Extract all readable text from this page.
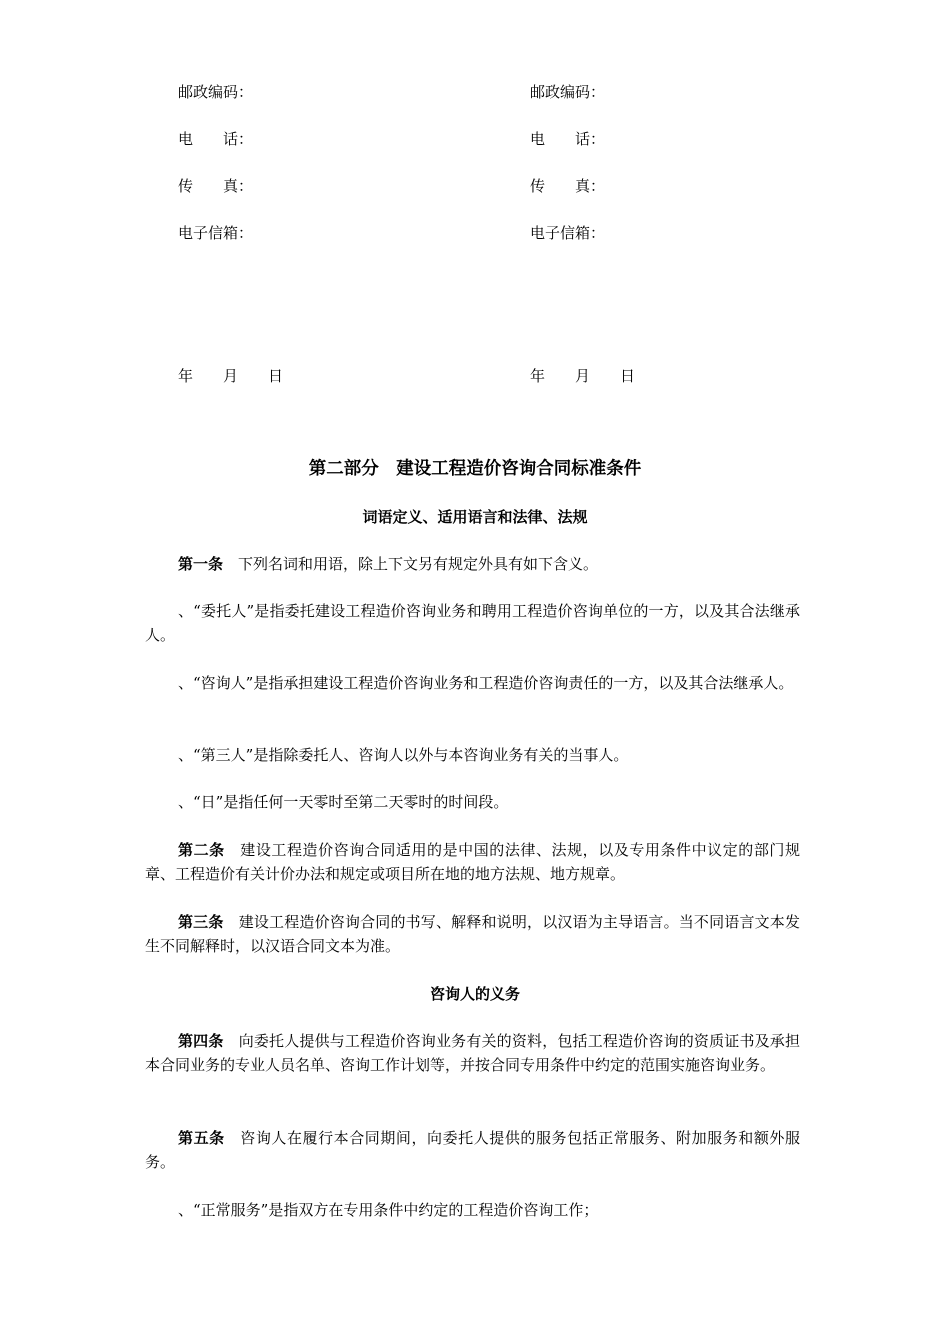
邮政编码：	邮政编码：
电　　话：	电　　话：
传　　真：	传　　真：
电子信箱：	电子信箱：
年　　月　　日	年　　月　　日
第二部分　建设工程造价咨询合同标准条件
词语定义、适用语言和法律、法规
第一条　下列名词和用语，除上下文另有规定外具有如下含义。
、“委托人”是指委托建设工程造价咨询业务和聘用工程造价咨询单位的一方，以及其合法继承人。
、“咨询人”是指承担建设工程造价咨询业务和工程造价咨询责任的一方，以及其合法继承人。
、“第三人”是指除委托人、咨询人以外与本咨询业务有关的当事人。
、“日”是指任何一天零时至第二天零时的时间段。
第二条　建设工程造价咨询合同适用的是中国的法律、法规，以及专用条件中议定的部门规章、工程造价有关计价办法和规定或项目所在地的地方法规、地方规章。
第三条　建设工程造价咨询合同的书写、解释和说明，以汉语为主导语言。当不同语言文本发生不同解释时，以汉语合同文本为准。
咨询人的义务
第四条　向委托人提供与工程造价咨询业务有关的资料，包括工程造价咨询的资质证书及承担本合同业务的专业人员名单、咨询工作计划等，并按合同专用条件中约定的范围实施咨询业务。
第五条　咨询人在履行本合同期间，向委托人提供的服务包括正常服务、附加服务和额外服务。
、“正常服务”是指双方在专用条件中约定的工程造价咨询工作；
